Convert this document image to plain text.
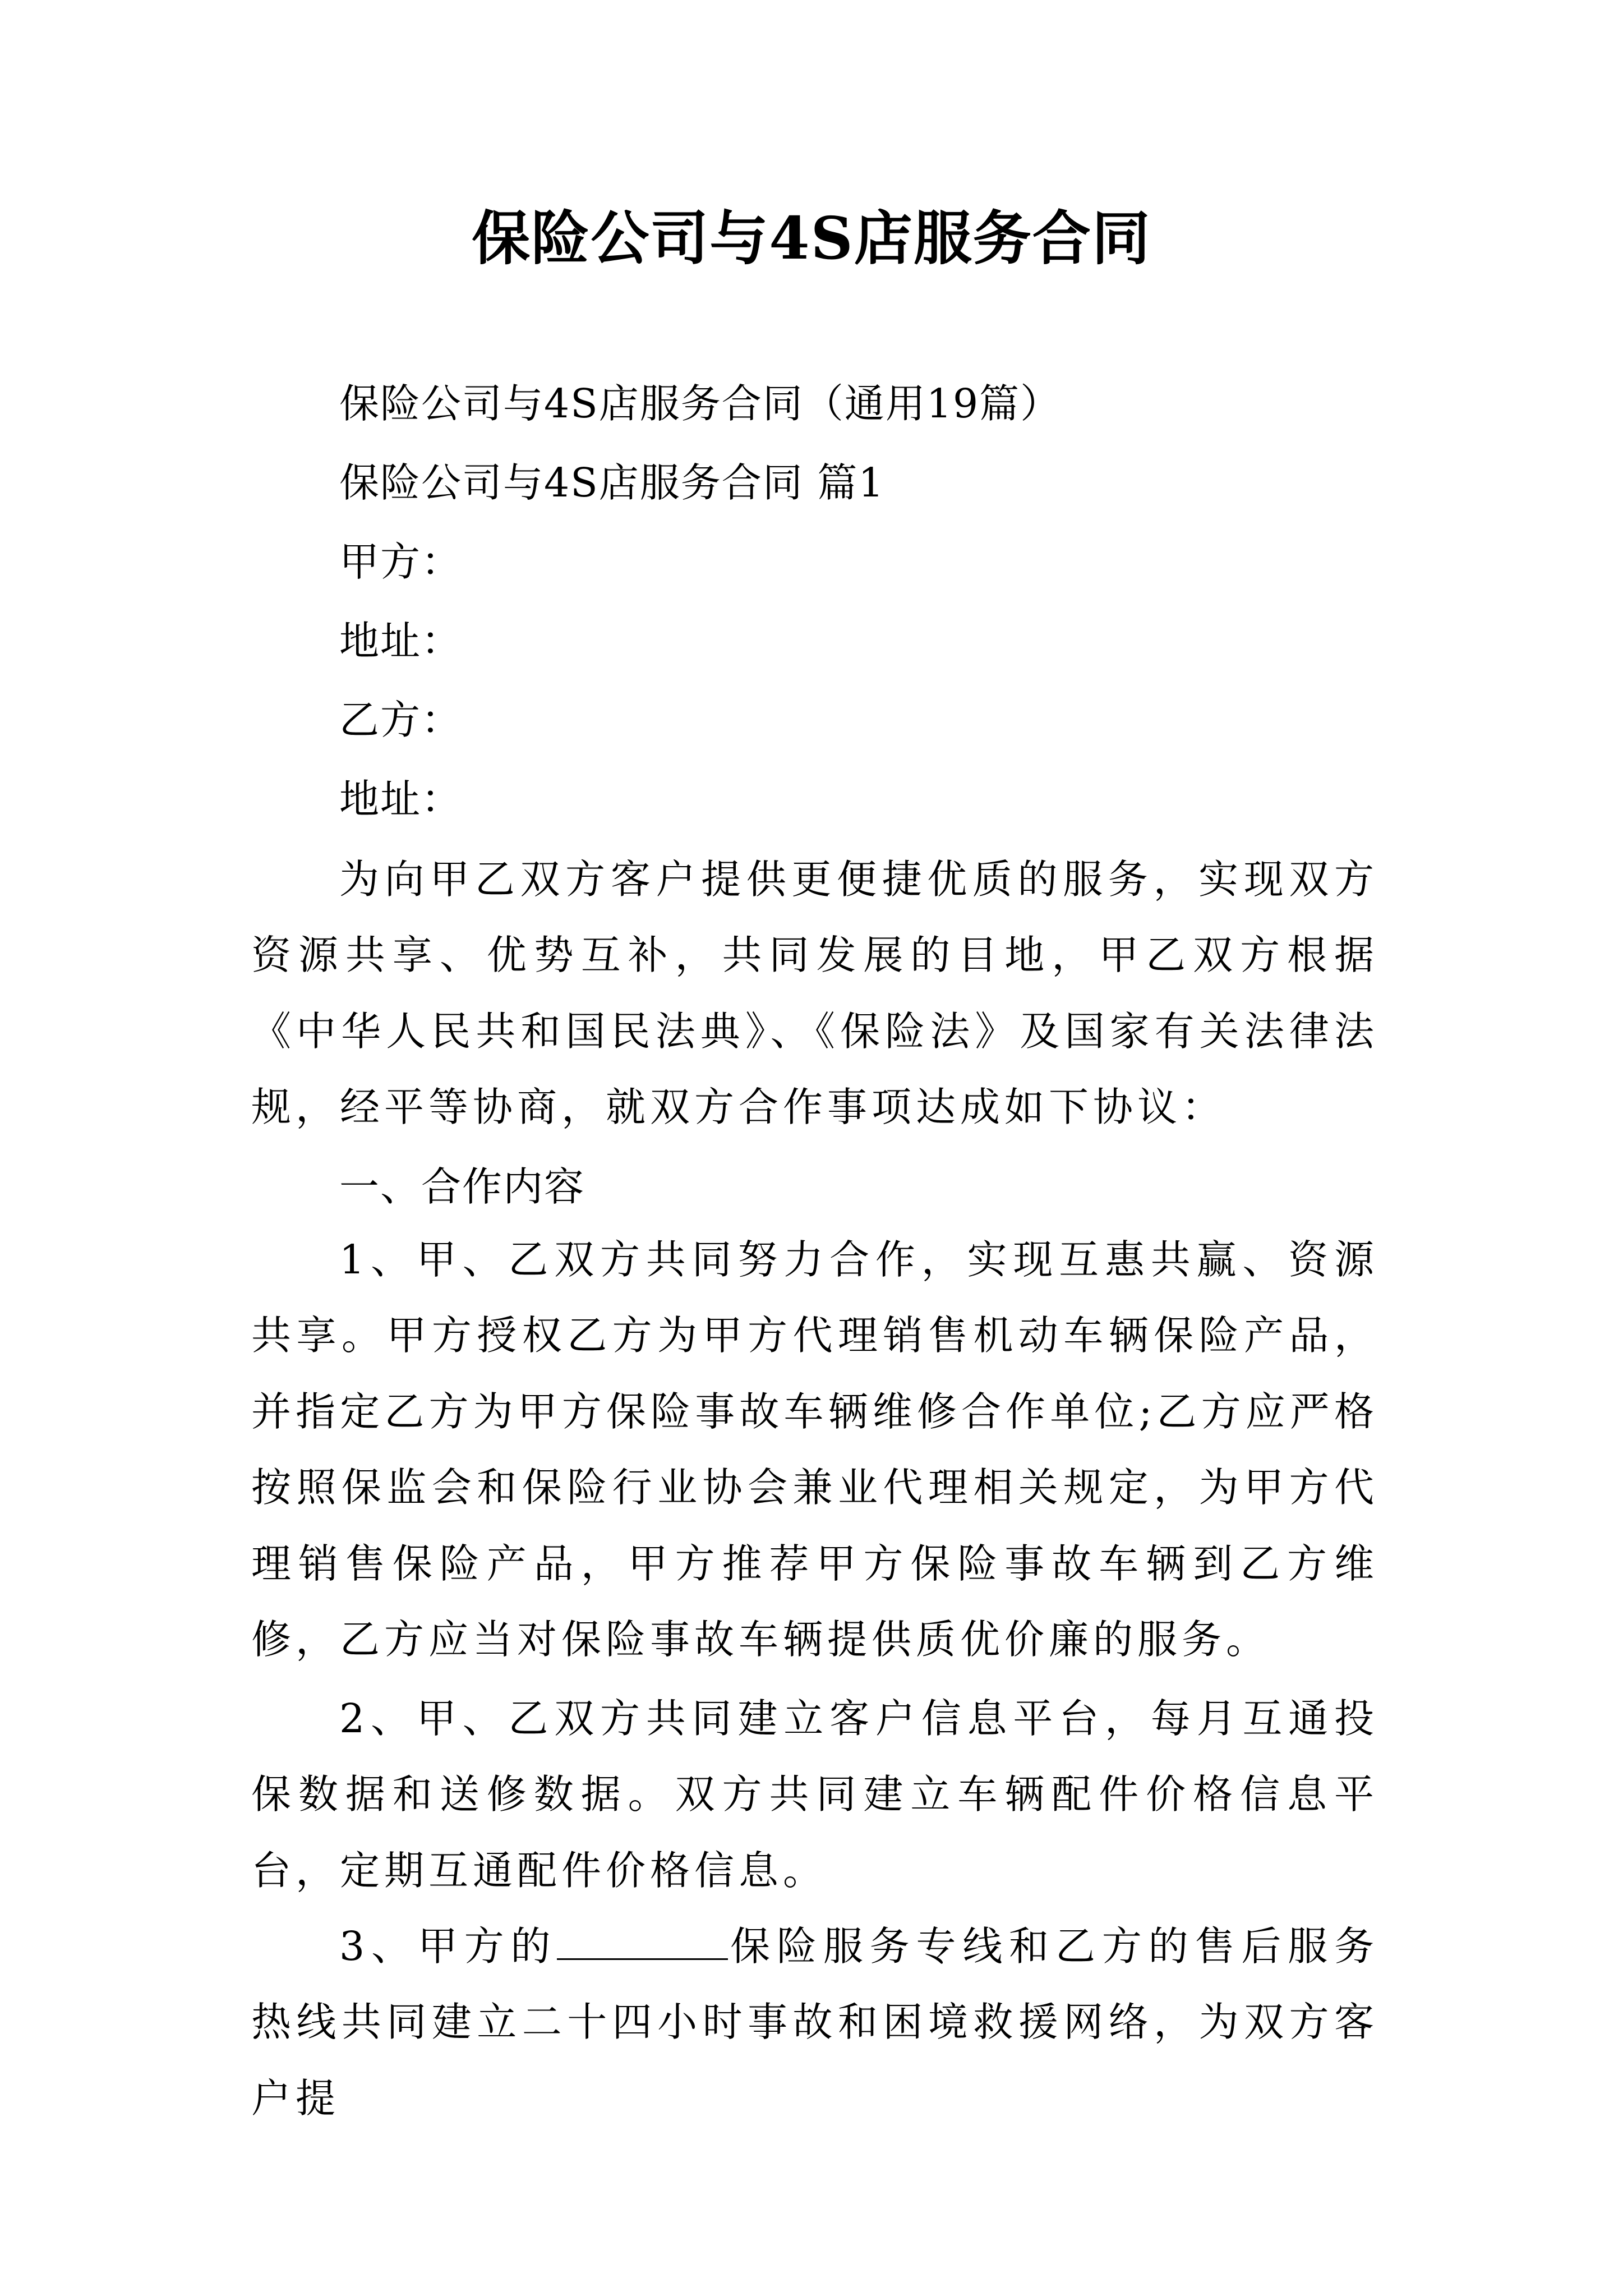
保险公司与4S店服务合同
保险公司与4S店服务合同（通用19篇）
保险公司与4S店服务合同 篇1
甲方：
地址：
乙方：
地址：
为向甲乙双方客户提供更便捷优质的服务，实现双方资源共享、优势互补，共同发展的目地，甲乙双方根据《中华人民共和国民法典》、《保险法》及国家有关法律法规，经平等协商，就双方合作事项达成如下协议：
一、合作内容
1、甲、乙双方共同努力合作，实现互惠共赢、资源共享。甲方授权乙方为甲方代理销售机动车辆保险产品，并指定乙方为甲方保险事故车辆维修合作单位;乙方应严格按照保监会和保险行业协会兼业代理相关规定，为甲方代理销售保险产品，甲方推荐甲方保险事故车辆到乙方维修，乙方应当对保险事故车辆提供质优价廉的服务。
2、甲、乙双方共同建立客户信息平台，每月互通投保数据和送修数据。双方共同建立车辆配件价格信息平台，定期互通配件价格信息。
3、甲方的	保险服务专线和乙方的售后服务热线共同建立二十四小时事故和困境救援网络，为双方客户提
